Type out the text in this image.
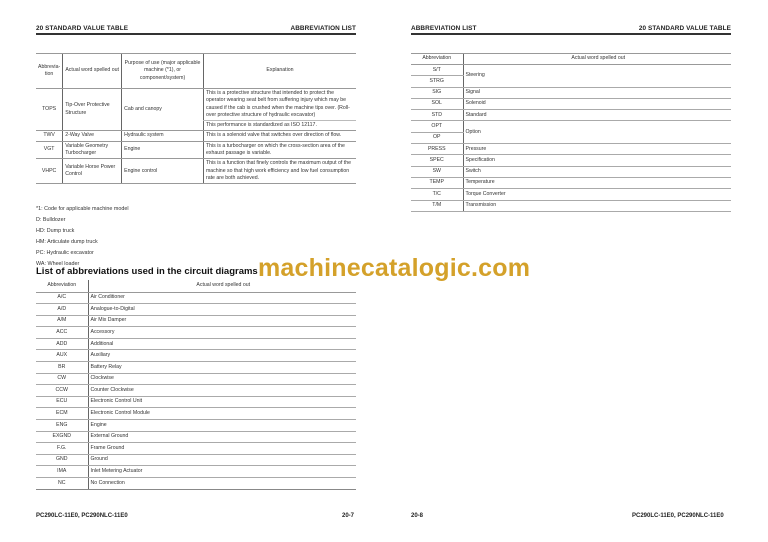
20 STANDARD VALUE TABLE	ABBREVIATION LIST
Abbrevia-tion	Actual word spelled out	Purpose of use (major applicable machine (*1), or component/system)	Explanation
TOPS	Tip-Over Protective Structure	Cab and canopy	This is a protective structure that intended to protect the operator wearing seat belt from suffering injury which may be caused if the cab is crushed when the machine tips over. (Roll-over protective structure of hydraulic excavator)
			This performance is standardized as ISO 12117.
TWV	2-Way Valve	Hydraulic system	This is a solenoid valve that switches over direction of flow.
VGT	Variable Geometry Turbocharger	Engine	This is a turbocharger on which the cross-section area of the exhaust passage is variable.
VHPC	Variable Horse Power Control	Engine control	This is a function that finely controls the maximum output of the machine so that high work efficiency and low fuel consumption rate are both achieved.
*1: Code for applicable machine model
D: Bulldozer
HD: Dump truck
HM: Articulate dump truck
PC: Hydraulic excavator
WA: Wheel loader
List of abbreviations used in the circuit diagrams
Abbreviation	Actual word spelled out
A/C	Air Conditioner
A/D	Analogue-to-Digital
A/M	Air Mix Damper
ACC	Accessory
ADD	Additional
AUX	Auxiliary
BR	Battery Relay
CW	Clockwise
CCW	Counter Clockwise
ECU	Electronic Control Unit
ECM	Electronic Control Module
ENG	Engine
EXGND	External Ground
F.G.	Frame Ground
GND	Ground
IMA	Inlet Metering Actuator
NC	No Connection
PC290LC-11E0, PC290NLC-11E0	20-7
machinecatalogic.com
ABBREVIATION LIST	20 STANDARD VALUE TABLE
Abbreviation	Actual word spelled out
S/T	Steering
STRG	
SIG	Signal
SOL	Solenoid
STD	Standard
OPT	Option
OP	
PRESS	Pressure
SPEC	Specification
SW	Switch
TEMP	Temperature
T/C	Torque Converter
T/M	Transmission
20-8	PC290LC-11E0, PC290NLC-11E0
